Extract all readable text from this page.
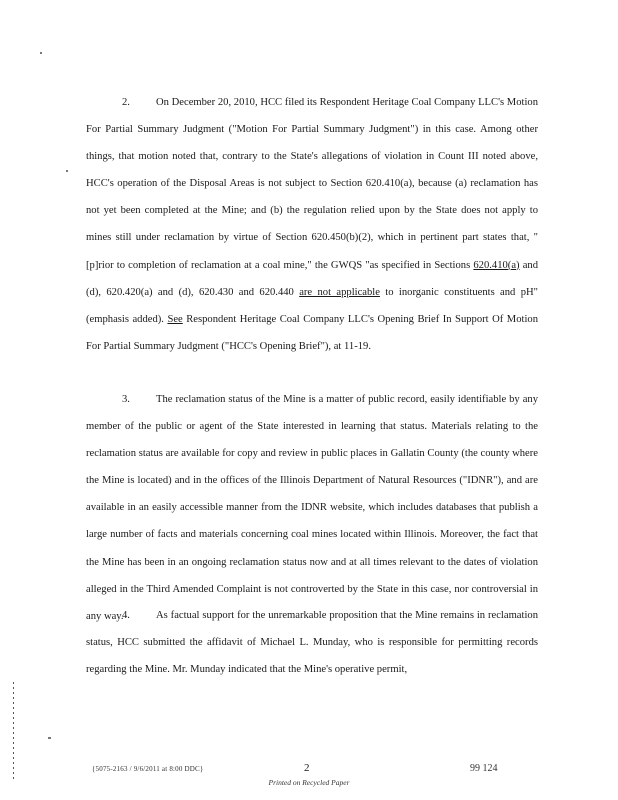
2. On December 20, 2010, HCC filed its Respondent Heritage Coal Company LLC's Motion For Partial Summary Judgment ("Motion For Partial Summary Judgment") in this case. Among other things, that motion noted that, contrary to the State's allegations of violation in Count III noted above, HCC's operation of the Disposal Areas is not subject to Section 620.410(a), because (a) reclamation has not yet been completed at the Mine; and (b) the regulation relied upon by the State does not apply to mines still under reclamation by virtue of Section 620.450(b)(2), which in pertinent part states that, "[p]rior to completion of reclamation at a coal mine," the GWQS "as specified in Sections 620.410(a) and (d), 620.420(a) and (d), 620.430 and 620.440 are not applicable to inorganic constituents and pH" (emphasis added). See Respondent Heritage Coal Company LLC's Opening Brief In Support Of Motion For Partial Summary Judgment ("HCC's Opening Brief"), at 11-19.

3. The reclamation status of the Mine is a matter of public record, easily identifiable by any member of the public or agent of the State interested in learning that status. Materials relating to the reclamation status are available for copy and review in public places in Gallatin County (the county where the Mine is located) and in the offices of the Illinois Department of Natural Resources ("IDNR"), and are available in an easily accessible manner from the IDNR website, which includes databases that publish a large number of facts and materials concerning coal mines located within Illinois. Moreover, the fact that the Mine has been in an ongoing reclamation status now and at all times relevant to the dates of violation alleged in the Third Amended Complaint is not controverted by the State in this case, nor controversial in any way.

4. As factual support for the unremarkable proposition that the Mine remains in reclamation status, HCC submitted the affidavit of Michael L. Munday, who is responsible for permitting records regarding the Mine. Mr. Munday indicated that the Mine's operative permit,

{5075-2163 / 9/6/2011 at 8:00 DDC}	2
Printed on Recycled Paper
99 124
